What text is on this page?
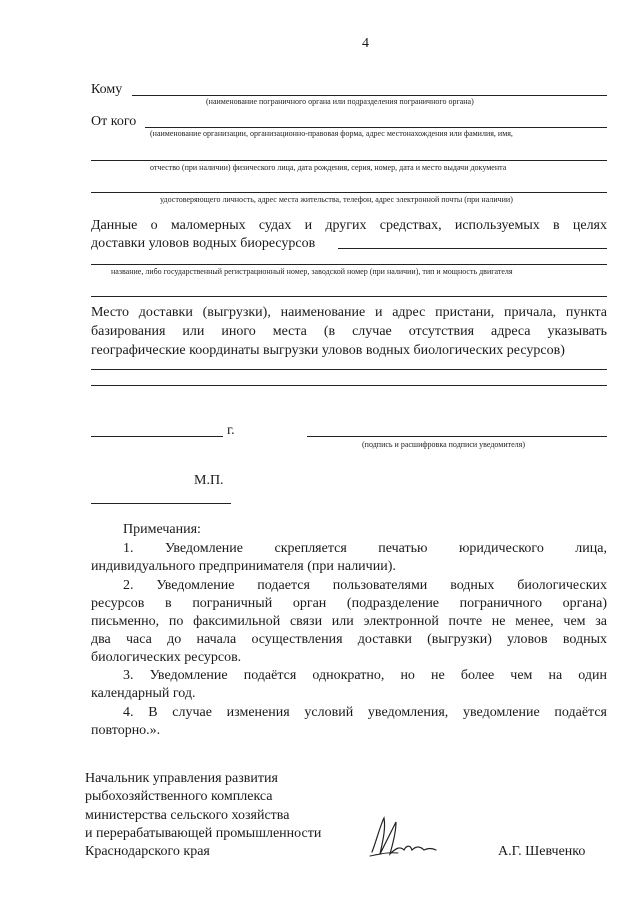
4
Кому
(наименование пограничного органа или подразделения пограничного органа)
От кого
(наименование организации, организационно-правовая форма, адрес местонахождения или фамилия, имя,
отчество (при наличии) физического лица, дата рождения, серия, номер, дата и место выдачи документа
удостоверяющего личность, адрес места жительства, телефон, адрес электронной почты (при наличии)
Данные о маломерных судах и других средствах, используемых в целях
доставки уловов водных биоресурсов
название, либо государственный регистрационный номер, заводской номер (при наличии), тип и мощность двигателя
Место доставки (выгрузки), наименование и адрес пристани, причала, пункта
базирования или иного места (в случае отсутствия адреса указывать
географические координаты выгрузки уловов водных биологических ресурсов)
г.
(подпись и расшифровка подписи уведомителя)
М.П.
Примечания:
1. Уведомление скрепляется печатью юридического лица,
индивидуального предпринимателя (при наличии).
2. Уведомление подается пользователями водных биологических
ресурсов в пограничный орган (подразделение пограничного органа)
письменно, по факсимильной связи или электронной почте не менее, чем за
два часа до начала осуществления доставки (выгрузки) уловов водных
биологических ресурсов.
3. Уведомление подаётся однократно, но не более чем на один
календарный год.
4. В случае изменения условий уведомления, уведомление подаётся
повторно.».
Начальник управления развития
рыбохозяйственного комплекса
министерства сельского хозяйства
и перерабатывающей промышленности
Краснодарского края	А.Г. Шевченко
